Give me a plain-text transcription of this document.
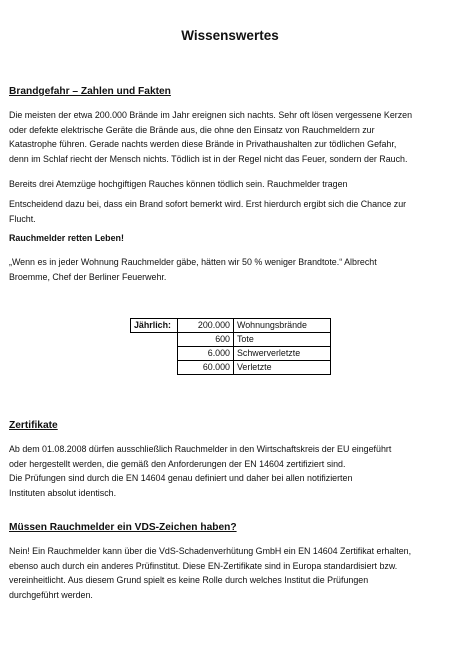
Wissenswertes
Brandgefahr – Zahlen und Fakten
Die meisten der etwa 200.000 Brände im Jahr ereignen sich nachts. Sehr oft lösen vergessene Kerzen
oder defekte elektrische Geräte die Brände aus, die ohne den Einsatz von Rauchmeldern zur
Katastrophe führen. Gerade nachts werden diese Brände in Privathaushalten zur tödlichen Gefahr,
denn im Schlaf riecht der Mensch nichts. Tödlich ist in der Regel nicht das Feuer, sondern der Rauch.
Bereits drei Atemzüge hochgiftigen Rauches können tödlich sein. Rauchmelder tragen
Entscheidend dazu bei, dass ein Brand sofort bemerkt wird. Erst hierdurch ergibt sich die Chance zur
Flucht.
Rauchmelder retten Leben!
„Wenn es in jeder Wohnung Rauchmelder gäbe, hätten wir 50 % weniger Brandtote.“ Albrecht
Broemme, Chef der Berliner Feuerwehr.
Jährlich:	200.000	Wohnungsbrände
	600	Tote
	6.000	Schwerverletzte
	60.000	Verletzte
Zertifikate
Ab dem 01.08.2008 dürfen ausschließlich Rauchmelder in den Wirtschaftskreis der EU eingeführt
oder hergestellt werden, die gemäß den Anforderungen der EN 14604 zertifiziert sind.
Die Prüfungen sind durch die EN 14604 genau definiert und daher bei allen notifizierten
Instituten absolut identisch.
Müssen Rauchmelder ein VDS-Zeichen haben?
Nein! Ein Rauchmelder kann über die VdS-Schadenverhütung GmbH ein EN 14604 Zertifikat erhalten,
ebenso auch durch ein anderes Prüfinstitut. Diese EN-Zertifikate sind in Europa standardisiert bzw.
vereinheitlicht. Aus diesem Grund spielt es keine Rolle durch welches Institut die Prüfungen
durchgeführt werden.
